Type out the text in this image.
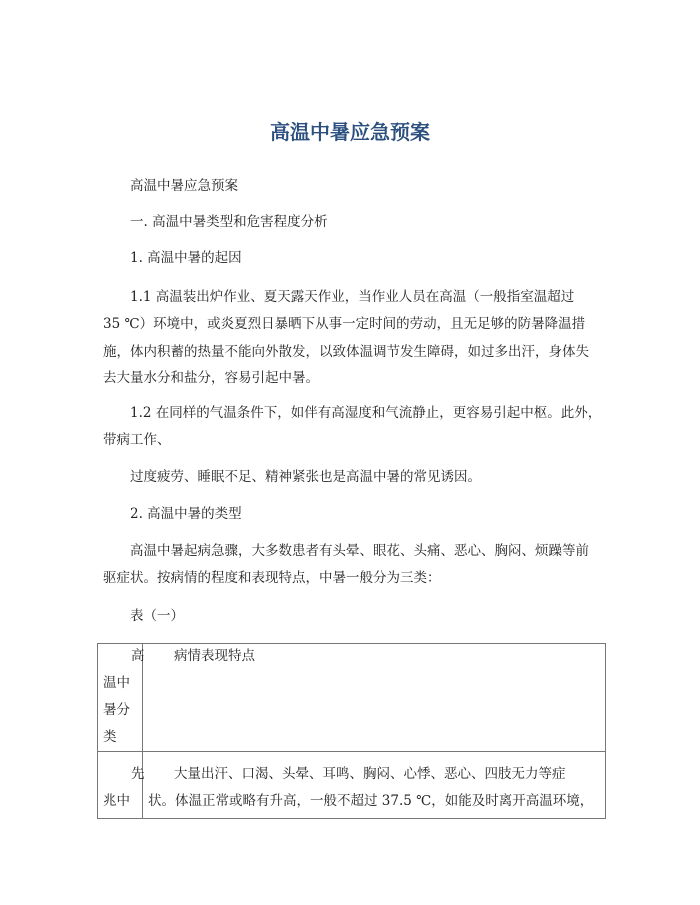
高温中暑应急预案
高温中暑应急预案
一. 高温中暑类型和危害程度分析
1. 高温中暑的起因
1.1 高温装出炉作业、夏天露天作业，当作业人员在高温（一般指室温超过
35 ℃）环境中，或炎夏烈日暴晒下从事一定时间的劳动，且无足够的防暑降温措
施，体内积蓄的热量不能向外散发，以致体温调节发生障碍，如过多出汗，身体失
去大量水分和盐分，容易引起中暑。
1.2 在同样的气温条件下，如伴有高湿度和气流静止，更容易引起中枢。此外，
带病工作、
过度疲劳、睡眠不足、精神紧张也是高温中暑的常见诱因。
2. 高温中暑的类型
高温中暑起病急骤，大多数患者有头晕、眼花、头痛、恶心、胸闷、烦躁等前
驱症状。按病情的程度和表现特点，中暑一般分为三类：
表（一）
高
温中
暑分
类
病情表现特点
先
兆中
大量出汗、口渴、头晕、耳鸣、胸闷、心悸、恶心、四肢无力等症
状。体温正常或略有升高，一般不超过 37.5 ℃，如能及时离开高温环境，
